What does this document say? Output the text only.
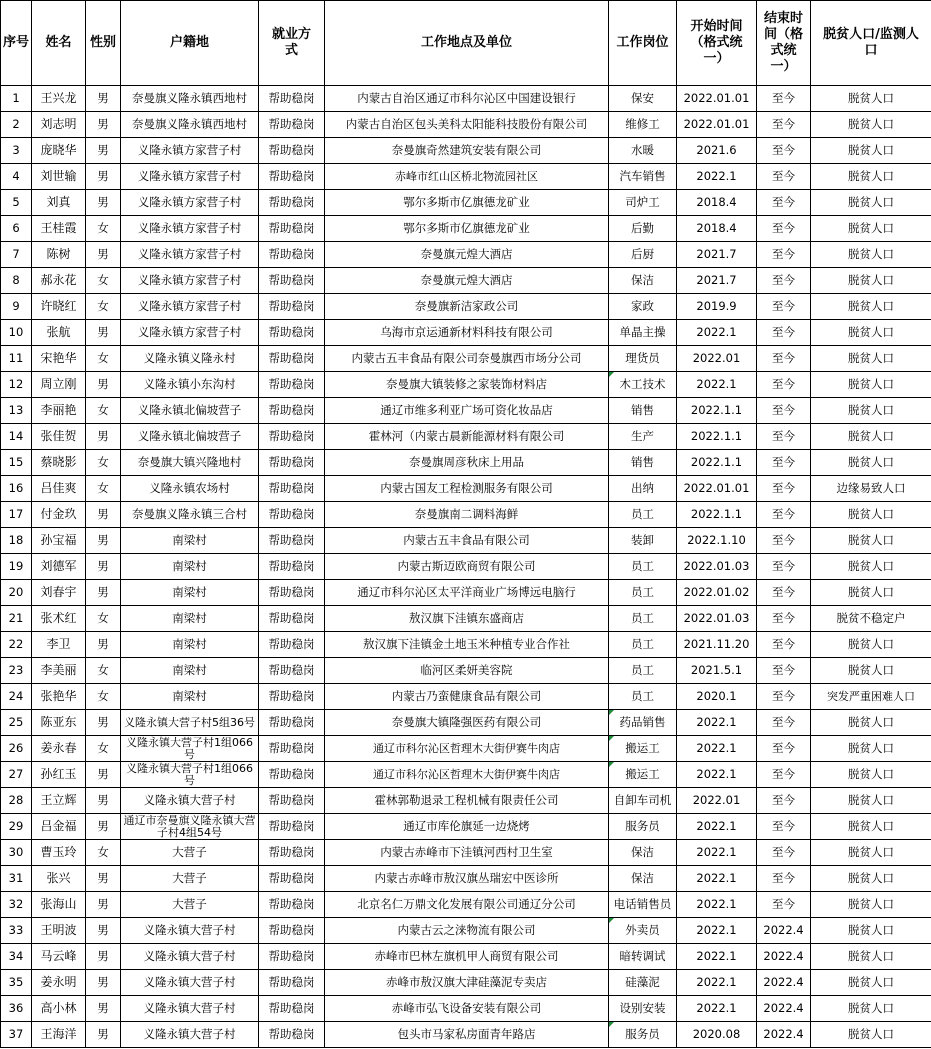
序号	姓名	性别	户籍地	就业方式	工作地点及单位	工作岗位	开始时间（格式统一）	结束时间（格式统一）	脱贫人口/监测人口
1	王兴龙	男	奈曼旗义隆永镇西地村	帮助稳岗	内蒙古自治区通辽市科尔沁区中国建设银行	保安	2022.01.01	至今	脱贫人口
2	刘志明	男	奈曼旗义隆永镇西地村	帮助稳岗	内蒙古自治区包头美科太阳能科技股份有限公司	维修工	2022.01.01	至今	脱贫人口
3	庞晓华	男	义隆永镇方家营子村	帮助稳岗	奈曼旗奇然建筑安装有限公司	水暖	2021.6	至今	脱贫人口
4	刘世输	男	义隆永镇方家营子村	帮助稳岗	赤峰市红山区桥北物流园社区	汽车销售	2022.1	至今	脱贫人口
5	刘真	男	义隆永镇方家营子村	帮助稳岗	鄂尔多斯市亿旗德龙矿业	司炉工	2018.4	至今	脱贫人口
6	王桂霞	女	义隆永镇方家营子村	帮助稳岗	鄂尔多斯市亿旗德龙矿业	后勤	2018.4	至今	脱贫人口
7	陈树	男	义隆永镇方家营子村	帮助稳岗	奈曼旗元煌大酒店	后厨	2021.7	至今	脱贫人口
8	郝永花	女	义隆永镇方家营子村	帮助稳岗	奈曼旗元煌大酒店	保洁	2021.7	至今	脱贫人口
9	许晓红	女	义隆永镇方家营子村	帮助稳岗	奈曼旗新洁家政公司	家政	2019.9	至今	脱贫人口
10	张航	男	义隆永镇方家营子村	帮助稳岗	乌海市京运通新材料科技有限公司	单晶主操	2022.1	至今	脱贫人口
11	宋艳华	女	义隆永镇义隆永村	帮助稳岗	内蒙古五丰食品有限公司奈曼旗西市场分公司	理货员	2022.01	至今	脱贫人口
12	周立刚	男	义隆永镇小东沟村	帮助稳岗	奈曼旗大镇装修之家装饰材料店	木工技术	2022.1	至今	脱贫人口
13	李丽艳	女	义隆永镇北偏坡营子	帮助稳岗	通辽市维多利亚广场可资化妆品店	销售	2022.1.1	至今	脱贫人口
14	张佳贺	男	义隆永镇北偏坡营子	帮助稳岗	霍林河（内蒙古晨新能源材料有限公司	生产	2022.1.1	至今	脱贫人口
15	蔡晓影	女	奈曼旗大镇兴隆地村	帮助稳岗	奈曼旗周彦秋床上用品	销售	2022.1.1	至今	脱贫人口
16	吕佳爽	女	义隆永镇农场村	帮助稳岗	内蒙古国友工程检测服务有限公司	出纳	2022.01.01	至今	边缘易致人口
17	付金玖	男	奈曼旗义隆永镇三合村	帮助稳岗	奈曼旗南二调料海鲜	员工	2022.1.1	至今	脱贫人口
18	孙宝福	男	南梁村	帮助稳岗	内蒙古五丰食品有限公司	装卸	2022.1.10	至今	脱贫人口
19	刘德军	男	南梁村	帮助稳岗	内蒙古斯迈欧商贸有限公司	员工	2022.01.03	至今	脱贫人口
20	刘春宇	男	南梁村	帮助稳岗	通辽市科尔沁区太平洋商业广场博远电脑行	员工	2022.01.02	至今	脱贫人口
21	张术红	女	南梁村	帮助稳岗	敖汉旗下洼镇东盛商店	员工	2022.01.03	至今	脱贫不稳定户
22	李卫	男	南梁村	帮助稳岗	敖汉旗下洼镇金土地玉米种植专业合作社	员工	2021.11.20	至今	脱贫人口
23	李美丽	女	南梁村	帮助稳岗	临河区柔妍美容院	员工	2021.5.1	至今	脱贫人口
24	张艳华	女	南梁村	帮助稳岗	内蒙古乃蛮健康食品有限公司	员工	2020.1	至今	突发严重困难人口
25	陈亚东	男	义隆永镇大营子村5组36号	帮助稳岗	奈曼旗大镇隆强医药有限公司	药品销售	2022.1	至今	脱贫人口
26	姜永春	女	义隆永镇大营子村1组066号	帮助稳岗	通辽市科尔沁区哲理木大街伊赛牛肉店	搬运工	2022.1	至今	脱贫人口
27	孙红玉	男	义隆永镇大营子村1组066号	帮助稳岗	通辽市科尔沁区哲理木大街伊赛牛肉店	搬运工	2022.1	至今	脱贫人口
28	王立辉	男	义隆永镇大营子村	帮助稳岗	霍林郭勒退录工程机械有限责任公司	自卸车司机	2022.01	至今	脱贫人口
29	吕金福	男	通辽市奈曼旗义隆永镇大营子村4组54号	帮助稳岗	通辽市库伦旗延一边烧烤	服务员	2022.1	至今	脱贫人口
30	曹玉玲	女	大营子	帮助稳岗	内蒙古赤峰市下洼镇河西村卫生室	保洁	2022.1	至今	脱贫人口
31	张兴	男	大营子	帮助稳岗	内蒙古赤峰市敖汉旗丛瑞宏中医诊所	保洁	2022.1	至今	脱贫人口
32	张海山	男	大营子	帮助稳岗	北京名仁万鼎文化发展有限公司通辽分公司	电话销售员	2022.1	至今	脱贫人口
33	王明波	男	义隆永镇大营子村	帮助稳岗	内蒙古云之涞物流有限公司	外卖员	2022.1	2022.4	脱贫人口
34	马云峰	男	义隆永镇大营子村	帮助稳岗	赤峰市巴林左旗机甲人商贸有限公司	暗转调试	2022.1	2022.4	脱贫人口
35	姜永明	男	义隆永镇大营子村	帮助稳岗	赤峰市敖汉旗大津硅藻泥专卖店	硅藻泥	2022.1	2022.4	脱贫人口
36	高小林	男	义隆永镇大营子村	帮助稳岗	赤峰市弘飞设备安装有限公司	设别安装	2022.1	2022.4	脱贫人口
37	王海洋	男	义隆永镇大营子村	帮助稳岗	包头市马家私房面青年路店	服务员	2020.08	2022.4	脱贫人口
